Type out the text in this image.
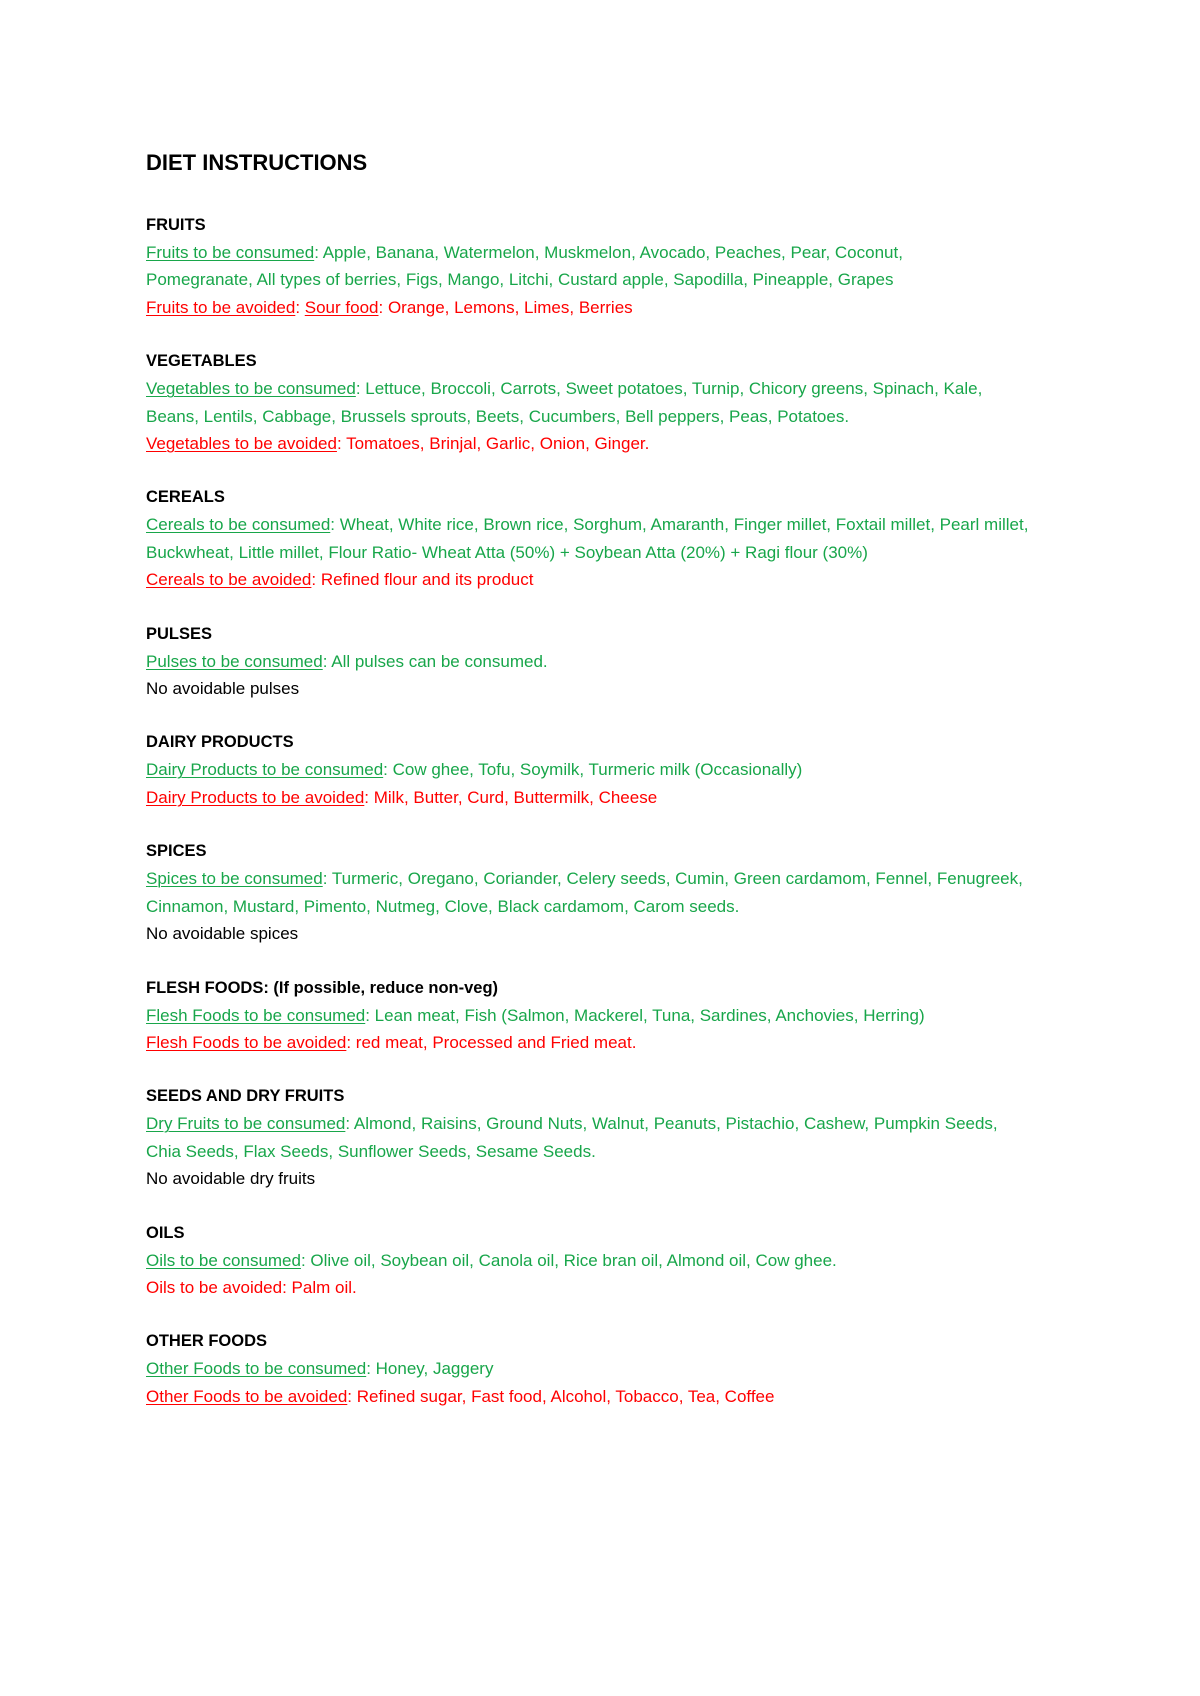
DIET INSTRUCTIONS
FRUITS
Fruits to be consumed: Apple, Banana, Watermelon, Muskmelon, Avocado, Peaches, Pear, Coconut, Pomegranate, All types of berries, Figs, Mango, Litchi, Custard apple, Sapodilla, Pineapple, Grapes
Fruits to be avoided: Sour food: Orange, Lemons, Limes, Berries
VEGETABLES
Vegetables to be consumed: Lettuce, Broccoli, Carrots, Sweet potatoes, Turnip, Chicory greens, Spinach, Kale, Beans, Lentils, Cabbage, Brussels sprouts, Beets, Cucumbers, Bell peppers, Peas, Potatoes.
Vegetables to be avoided: Tomatoes, Brinjal, Garlic, Onion, Ginger.
CEREALS
Cereals to be consumed: Wheat, White rice, Brown rice, Sorghum, Amaranth, Finger millet, Foxtail millet, Pearl millet, Buckwheat, Little millet, Flour Ratio- Wheat Atta (50%) + Soybean Atta (20%) + Ragi flour (30%)
Cereals to be avoided: Refined flour and its product
PULSES
Pulses to be consumed: All pulses can be consumed.
No avoidable pulses
DAIRY PRODUCTS
Dairy Products to be consumed: Cow ghee, Tofu, Soymilk, Turmeric milk (Occasionally)
Dairy Products to be avoided: Milk, Butter, Curd, Buttermilk, Cheese
SPICES
Spices to be consumed: Turmeric, Oregano, Coriander, Celery seeds, Cumin, Green cardamom, Fennel, Fenugreek, Cinnamon, Mustard, Pimento, Nutmeg, Clove, Black cardamom, Carom seeds.
No avoidable spices
FLESH FOODS: (If possible, reduce non-veg)
Flesh Foods to be consumed: Lean meat, Fish (Salmon, Mackerel, Tuna, Sardines, Anchovies, Herring)
Flesh Foods to be avoided: red meat, Processed and Fried meat.
SEEDS AND DRY FRUITS
Dry Fruits to be consumed: Almond, Raisins, Ground Nuts, Walnut, Peanuts, Pistachio, Cashew, Pumpkin Seeds, Chia Seeds, Flax Seeds, Sunflower Seeds, Sesame Seeds.
No avoidable dry fruits
OILS
Oils to be consumed: Olive oil, Soybean oil, Canola oil, Rice bran oil, Almond oil, Cow ghee.
Oils to be avoided: Palm oil.
OTHER FOODS
Other Foods to be consumed: Honey, Jaggery
Other Foods to be avoided: Refined sugar, Fast food, Alcohol, Tobacco, Tea, Coffee
